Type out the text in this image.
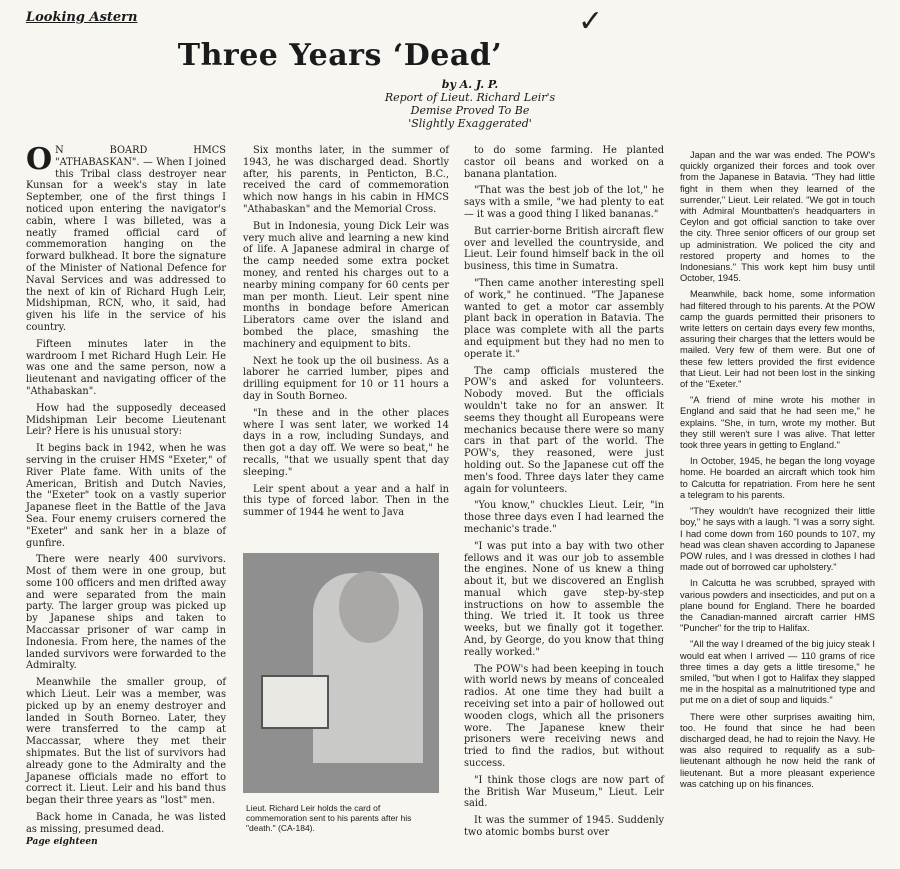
Looking Astern	✓
Three Years ‘Dead’
by A. J. P.
Report of Lieut. Richard Leir's
Demise Proved To Be
'Slightly Exaggerated'

O N BOARD HMCS "ATHABASKAN". — When I joined this Tribal class destroyer near Kunsan for a week's stay in late September, one of the first things I noticed upon entering the navigator's cabin, where I was billeted, was a neatly framed official card of commemoration hanging on the forward bulkhead. It bore the signature of the Minister of National Defence for Naval Services and was addressed to the next of kin of Richard Hugh Leir, Midshipman, RCN, who, it said, had given his life in the service of his country.

Fifteen minutes later in the wardroom I met Richard Hugh Leir. He was one and the same person, now a lieutenant and navigating officer of the "Athabaskan".

How had the supposedly deceased Midshipman Leir become Lieutenant Leir? Here is his unusual story:

It begins back in 1942, when he was serving in the cruiser HMS "Exeter," of River Plate fame. With units of the American, British and Dutch Navies, the "Exeter" took on a vastly superior Japanese fleet in the Battle of the Java Sea. Four enemy cruisers cornered the "Exeter" and sank her in a blaze of gunfire.

There were nearly 400 survivors. Most of them were in one group, but some 100 officers and men drifted away and were separated from the main party. The larger group was picked up by Japanese ships and taken to Maccassar prisoner of war camp in Indonesia. From here, the names of the landed survivors were forwarded to the Admiralty.

Meanwhile the smaller group, of which Lieut. Leir was a member, was picked up by an enemy destroyer and landed in South Borneo. Later, they were transferred to the camp at Maccassar, where they met their shipmates. But the list of survivors had already gone to the Admiralty and the Japanese officials made no effort to correct it. Lieut. Leir and his band thus began their three years as "lost" men.

Back home in Canada, he was listed as missing, presumed dead.

Six months later, in the summer of 1943, he was discharged dead. Shortly after, his parents, in Penticton, B.C., received the card of commemoration which now hangs in his cabin in HMCS "Athabaskan" and the Memorial Cross.

But in Indonesia, young Dick Leir was very much alive and learning a new kind of life. A Japanese admiral in charge of the camp needed some extra pocket money, and rented his charges out to a nearby mining company for 60 cents per man per month. Lieut. Leir spent nine months in bondage before American Liberators came over the island and bombed the place, smashing the machinery and equipment to bits.

Next he took up the oil business. As a laborer he carried lumber, pipes and drilling equipment for 10 or 11 hours a day in South Borneo.

"In these and in the other places where I was sent later, we worked 14 days in a row, including Sundays, and then got a day off. We were so beat," he recalls, "that we usually spent that day sleeping."

Leir spent about a year and a half in this type of forced labor. Then in the summer of 1944 he went to Java

to do some farming. He planted castor oil beans and worked on a banana plantation.

"That was the best job of the lot," he says with a smile, "we had plenty to eat — it was a good thing I liked bananas."

But carrier-borne British aircraft flew over and levelled the countryside, and Lieut. Leir found himself back in the oil business, this time in Sumatra.

"Then came another interesting spell of work," he continued. "The Japanese wanted to get a motor car assembly plant back in operation in Batavia. The place was complete with all the parts and equipment but they had no men to operate it."

The camp officials mustered the POW's and asked for volunteers. Nobody moved. But the officials wouldn't take no for an answer. It seems they thought all Europeans were mechanics because there were so many cars in that part of the world. The POW's, they reasoned, were just holding out. So the Japanese cut off the men's food. Three days later they came again for volunteers.

"You know," chuckles Lieut. Leir, "in those three days even I had learned the mechanic's trade."

"I was put into a bay with two other fellows and it was our job to assemble the engines. None of us knew a thing about it, but we discovered an English manual which gave step-by-step instructions on how to assemble the thing. We tried it. It took us three weeks, but we finally got it together. And, by George, do you know that thing really worked."

The POW's had been keeping in touch with world news by means of concealed radios. At one time they had built a receiving set into a pair of hollowed out wooden clogs, which all the prisoners wore. The Japanese knew their prisoners were receiving news and tried to find the radios, but without success.

"I think those clogs are now part of the British War Museum," Lieut. Leir said.

It was the summer of 1945. Suddenly two atomic bombs burst over

Japan and the war was ended. The POW's quickly organized their forces and took over from the Japanese in Batavia. "They had little fight in them when they learned of the surrender," Lieut. Leir related. "We got in touch with Admiral Mountbatten's headquarters in Ceylon and got official sanction to take over the city. Three senior officers of our group set up administration. We policed the city and restored property and homes to the Indonesians." This work kept him busy until October, 1945.

Meanwhile, back home, some information had filtered through to his parents. At the POW camp the guards permitted their prisoners to write letters on certain days every few months, assuring their charges that the letters would be mailed. Very few of them were. But one of these few letters provided the first evidence that Lieut. Leir had not been lost in the sinking of the "Exeter."

"A friend of mine wrote his mother in England and said that he had seen me," he explains. "She, in turn, wrote my mother. But they still weren't sure I was alive. That letter took three years in getting to England."

In October, 1945, he began the long voyage home. He boarded an aircraft which took him to Calcutta for repatriation. From here he sent a telegram to his parents.

"They wouldn't have recognized their little boy," he says with a laugh. "I was a sorry sight. I had come down from 160 pounds to 107, my head was clean shaven according to Japanese POW rules, and I was dressed in clothes I had made out of borrowed car upholstery."

In Calcutta he was scrubbed, sprayed with various powders and insecticides, and put on a plane bound for England. There he boarded the Canadian-manned aircraft carrier HMS "Puncher" for the trip to Halifax.

"All the way I dreamed of the big juicy steak I would eat when I arrived — 110 grams of rice three times a day gets a little tiresome," he smiled, "but when I got to Halifax they slapped me in the hospital as a malnutritioned type and put me on a diet of soup and liquids."

There were other surprises awaiting him, too. He found that since he had been discharged dead, he had to rejoin the Navy. He was also required to requalify as a sub-lieutenant although he now held the rank of lieutenant. But a more pleasant experience was catching up on his finances.

Lieut. Richard Leir holds the card of commemoration sent to his parents after his "death." (CA-184).
Page eighteen
